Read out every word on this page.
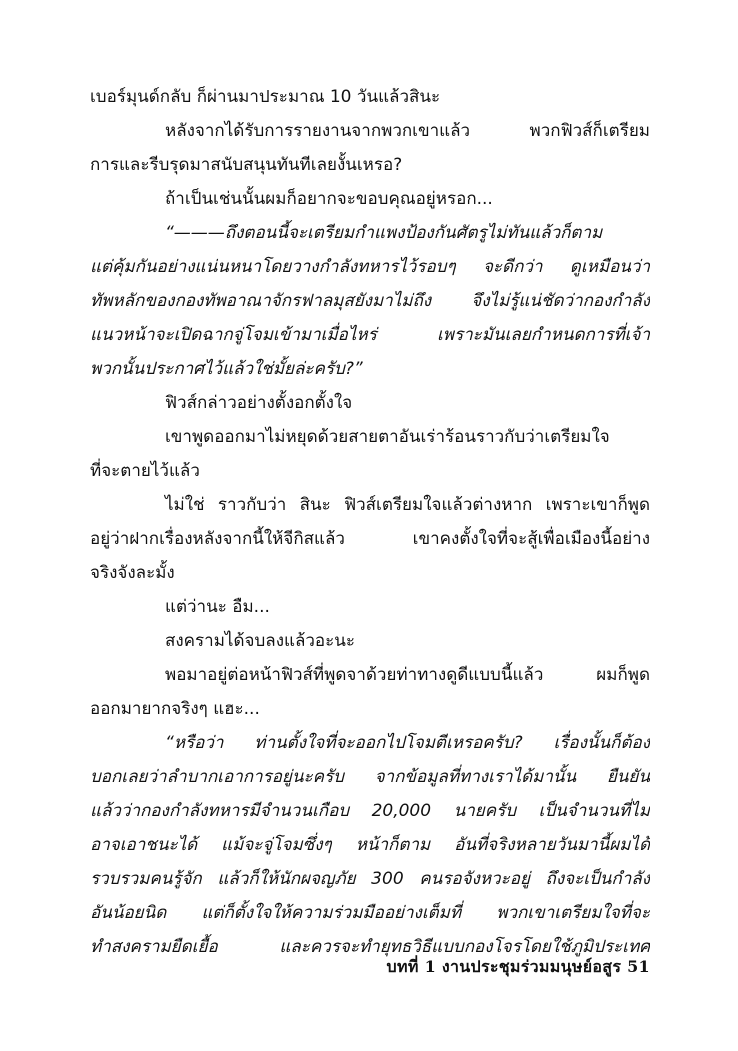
เบอร์มุนด์กลับ ก็ผ่านมาประมาณ 10 วันแล้วสินะ
หลังจากได้รับการรายงานจากพวกเขาแล้ว พวกฟิวส์ก็เตรียม
การและรีบรุดมาสนับสนุนทันทีเลยงั้นเหรอ?
ถ้าเป็นเช่นนั้นผมก็อยากจะขอบคุณอยู่หรอก...
“———ถึงตอนนี้จะเตรียมกำแพงป้องกันศัตรูไม่ทันแล้วก็ตาม
แต่คุ้มกันอย่างแน่นหนาโดยวางกำลังทหารไว้รอบๆ จะดีกว่า ดูเหมือนว่า
ทัพหลักของกองทัพอาณาจักรฟาลมุสยังมาไม่ถึง จึงไม่รู้แน่ชัดว่ากองกำลัง
แนวหน้าจะเปิดฉากจู่โจมเข้ามาเมื่อไหร่ เพราะมันเลยกำหนดการที่เจ้า
พวกนั้นประกาศไว้แล้วใช่มั้ยล่ะครับ?”
ฟิวส์กล่าวอย่างตั้งอกตั้งใจ
เขาพูดออกมาไม่หยุดด้วยสายตาอันเร่าร้อนราวกับว่าเตรียมใจ
ที่จะตายไว้แล้ว
ไม่ใช่ ราวกับว่า สินะ ฟิวส์เตรียมใจแล้วต่างหาก เพราะเขาก็พูด
อยู่ว่าฝากเรื่องหลังจากนี้ให้จีกิสแล้ว เขาคงตั้งใจที่จะสู้เพื่อเมืองนี้อย่าง
จริงจังละมั้ง
แต่ว่านะ อืม...
สงครามได้จบลงแล้วอะนะ
พอมาอยู่ต่อหน้าฟิวส์ที่พูดจาด้วยท่าทางดูดีแบบนี้แล้ว ผมก็พูด
ออกมายากจริงๆ แฮะ...
“หรือว่า ท่านตั้งใจที่จะออกไปโจมตีเหรอครับ? เรื่องนั้นก็ต้อง
บอกเลยว่าลำบากเอาการอยู่นะครับ จากข้อมูลที่ทางเราได้มานั้น ยืนยัน
แล้วว่ากองกำลังทหารมีจำนวนเกือบ 20,000 นายครับ เป็นจำนวนที่ไม่
อาจเอาชนะได้ แม้จะจู่โจมซึ่งๆ หน้าก็ตาม อันที่จริงหลายวันมานี้ผมได้
รวบรวมคนรู้จัก แล้วก็ให้นักผจญภัย 300 คนรอจังหวะอยู่ ถึงจะเป็นกำลัง
อันน้อยนิด แต่ก็ตั้งใจให้ความร่วมมืออย่างเต็มที่ พวกเขาเตรียมใจที่จะ
ทำสงครามยืดเยื้อ และควรจะทำยุทธวิธีแบบกองโจรโดยใช้ภูมิประเทศ
บทที่ 1 งานประชุมร่วมมนุษย์อสูร 51
